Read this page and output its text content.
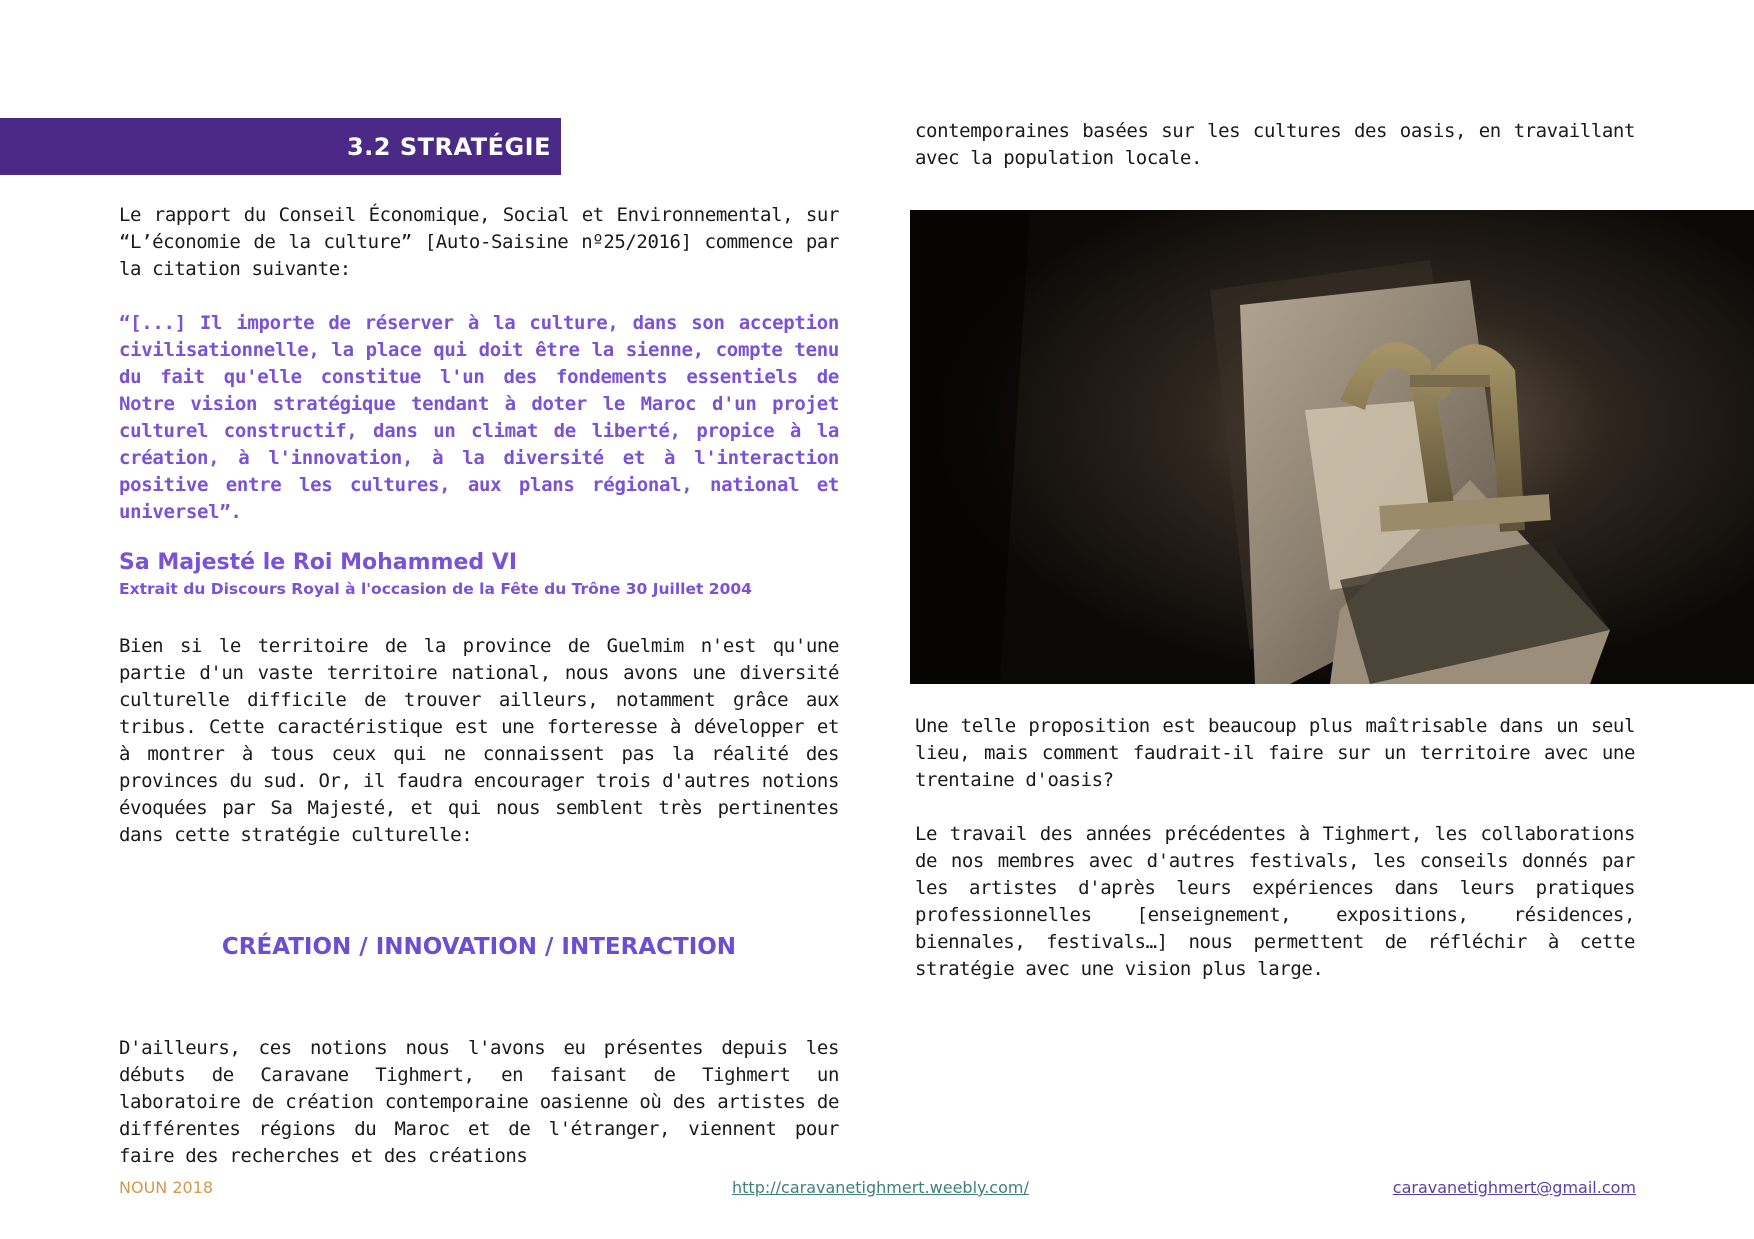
3.2 STRATÉGIE

Le rapport du Conseil Économique, Social et Environnemental, sur “L’économie de la culture” [Auto-Saisine nº25/2016] commence par la citation suivante:

“[...] Il importe de réserver à la culture, dans son acception civilisationnelle, la place qui doit être la sienne, compte tenu du fait qu'elle constitue l'un des fondements essentiels de Notre vision stratégique tendant à doter le Maroc d'un projet culturel constructif, dans un climat de liberté, propice à la création, à l'innovation, à la diversité et à l'interaction positive entre les cultures, aux plans régional, national et universel”.

Sa Majesté le Roi Mohammed VI

Extrait du Discours Royal à l'occasion de la Fête du Trône 30 Juillet 2004

Bien si le territoire de la province de Guelmim n'est qu'une partie d'un vaste territoire national, nous avons une diversité culturelle difficile de trouver ailleurs, notamment grâce aux tribus. Cette caractéristique est une forteresse à développer et à montrer à tous ceux qui ne connaissent pas la réalité des provinces du sud. Or, il faudra encourager trois d'autres notions évoquées par Sa Majesté, et qui nous semblent très pertinentes dans cette stratégie culturelle:

CRÉATION / INNOVATION / INTERACTION

D'ailleurs, ces notions nous l'avons eu présentes depuis les débuts de Caravane Tighmert, en faisant de Tighmert un laboratoire de création contemporaine oasienne où des artistes de différentes régions du Maroc et de l'étranger, viennent pour faire des recherches et des créations

contemporaines basées sur les cultures des oasis, en travaillant avec la population locale.

Une telle proposition est beaucoup plus maîtrisable dans un seul lieu, mais comment faudrait-il faire sur un territoire avec une trentaine d'oasis?

Le travail des années précédentes à Tighmert, les collaborations de nos membres avec d'autres festivals, les conseils donnés par les artistes d'après leurs expériences dans leurs pratiques professionnelles [enseignement, expositions, résidences, biennales, festivals…] nous permettent de réfléchir à cette stratégie avec une vision plus large.

NOUN 2018	http://caravanetighmert.weebly.com/	caravanetighmert@gmail.com
